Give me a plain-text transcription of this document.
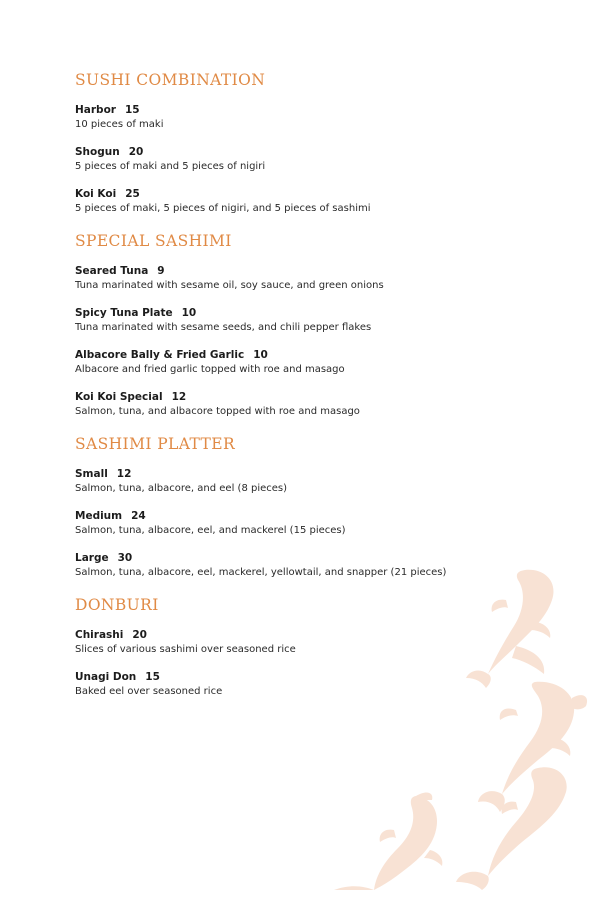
SUSHI COMBINATION

Harbor 15

10 pieces of maki

Shogun 20

5 pieces of maki and 5 pieces of nigiri

Koi Koi 25

5 pieces of maki, 5 pieces of nigiri, and 5 pieces of sashimi

SPECIAL SASHIMI

Seared Tuna 9

Tuna marinated with sesame oil, soy sauce, and green onions

Spicy Tuna Plate 10

Tuna marinated with sesame seeds, and chili pepper flakes

Albacore Bally & Fried Garlic 10

Albacore and fried garlic topped with roe and masago

Koi Koi Special 12

Salmon, tuna, and albacore topped with roe and masago

SASHIMI PLATTER

Small 12

Salmon, tuna, albacore, and eel (8 pieces)

Medium 24

Salmon, tuna, albacore, eel, and mackerel (15 pieces)

Large 30

Salmon, tuna, albacore, eel, mackerel, yellowtail, and snapper (21 pieces)

DONBURI

Chirashi 20

Slices of various sashimi over seasoned rice

Unagi Don 15

Baked eel over seasoned rice
